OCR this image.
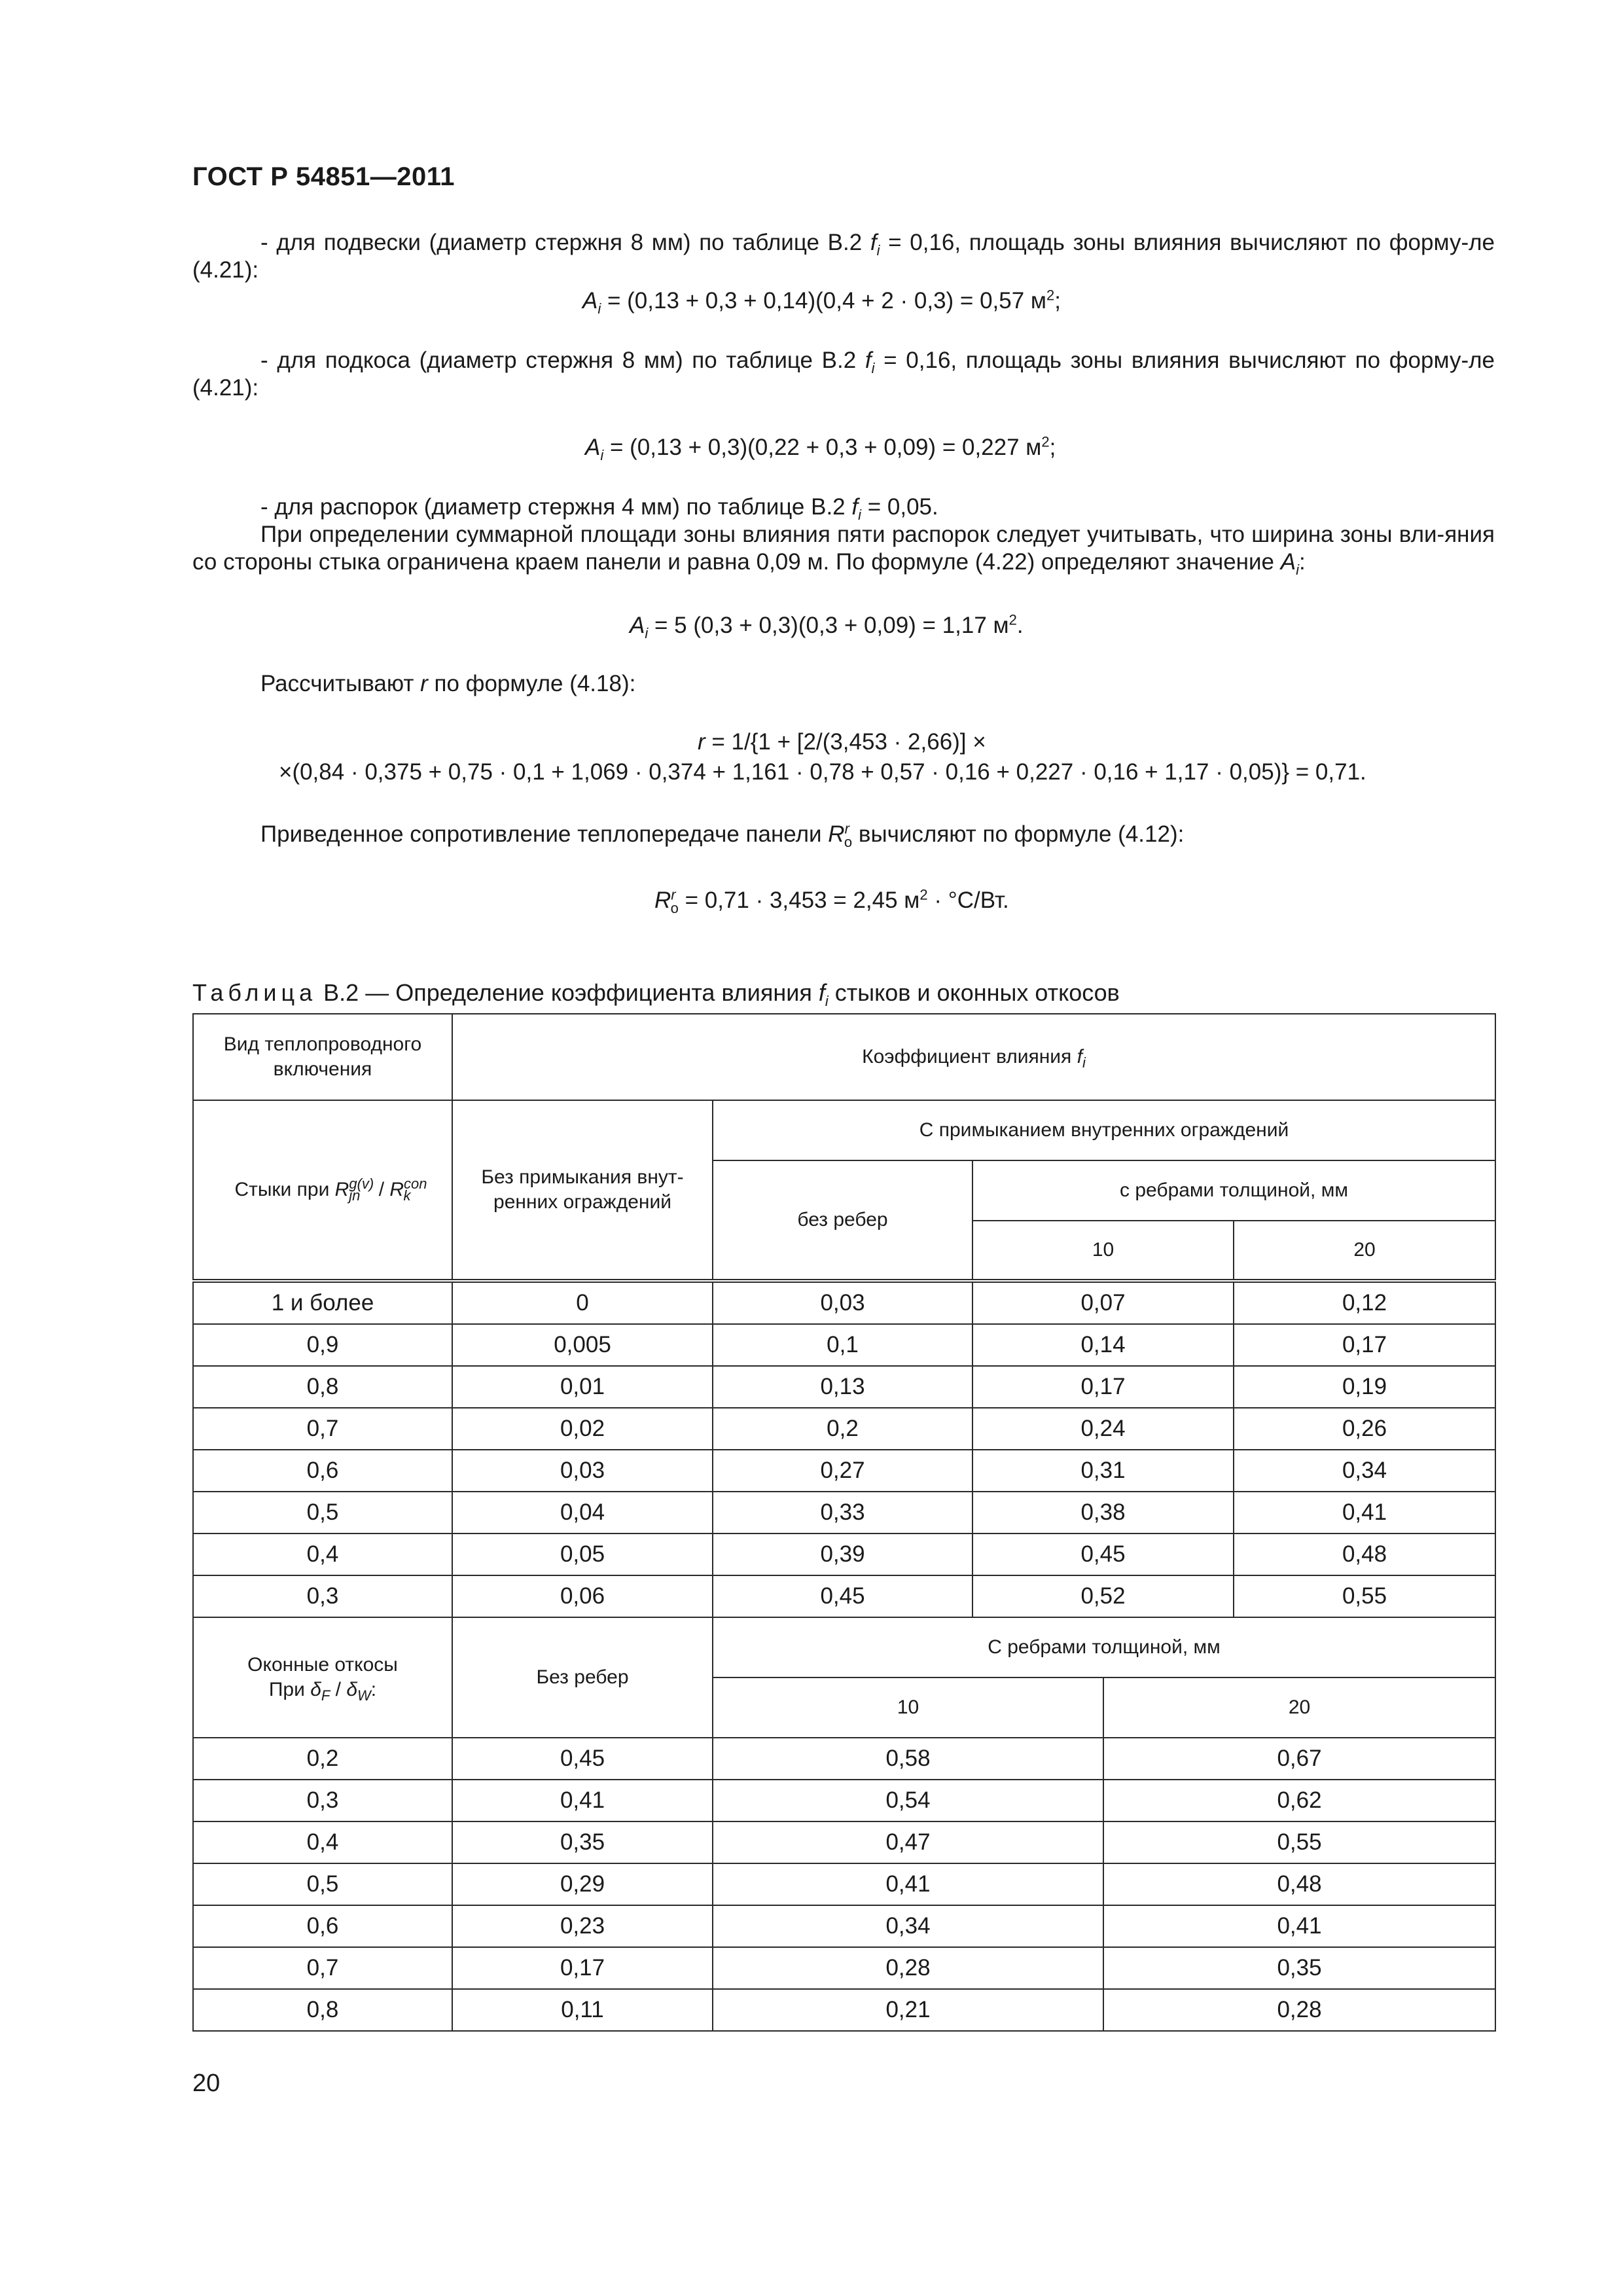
ГОСТ Р 54851—2011
- для подвески (диаметр стержня 8 мм) по таблице В.2 $f_i = 0,16$, площадь зоны влияния вычисляют по форму-ле (4.21):
$A_i = (0,13 + 0,3 + 0,14)(0,4 + 2 \cdot 0,3) = 0,57$ $м^2$;
- для подкоса (диаметр стержня 8 мм) по таблице В.2 $f_i = 0,16$, площадь зоны влияния вычисляют по форму-ле (4.21):
$A_i = (0,13 + 0,3)(0,22 + 0,3 + 0,09) = 0,227$ $м^2$;
- для распорок (диаметр стержня 4 мм) по таблице В.2 $f_i = 0,05$.
При определении суммарной площади зоны влияния пяти распорок следует учитывать, что ширина зоны вли-яния со стороны стыка ограничена краем панели и равна 0,09 м. По формуле (4.22) определяют значение $A_i$:
$A_i = 5$ (0,3 + 0,3)(0,3 + 0,09) = 1,17 $м^2$.
Рассчитывают r по формуле (4.18):
r = 1/{1 + [2/(3,453 · 2,66)] ×
×(0,84 · 0,375 + 0,75 · 0,1 + 1,069 · 0,374 + 1,161 · 0,78 + 0,57 · 0,16 + 0,227 · 0,16 + 1,17 · 0,05)} = 0,71.
Приведенное сопротивление теплопередаче панели $R^r_o$ вычисляют по формуле (4.12):
$R^r_o = 0,71 \cdot 3,453 = 2,45$ $м^2 \cdot ^\circ С/Вт$.
Таблица В.2 — Определение коэффициента влияния $f_i$ стыков и оконных откосов
Вид теплопроводного включения	Коэффициент влияния $f_i$
Стыки при $R^{g(v)}_{jn} / R^{con}_k$	Без примыкания внут-ренних ограждений	С примыканием внутренних ограждений			
		без ребер	с ребрами толщиной, мм		
			10		20
1 и более	0	0,03	0,07		0,12
0,9	0,005	0,1	0,14		0,17
0,8	0,01	0,13	0,17		0,19
0,7	0,02	0,2	0,24		0,26
0,6	0,03	0,27	0,31		0,34
0,5	0,04	0,33	0,38		0,41
0,4	0,05	0,39	0,45		0,48
0,3	0,06	0,45	0,52		0,55
Оконные откосы
При $\delta_F / \delta_W$:	Без ребер	С ребрами толщиной, мм			
		10		20	
0,2	0,45	0,58		0,67	
0,3	0,41	0,54		0,62	
0,4	0,35	0,47		0,55	
0,5	0,29	0,41		0,48	
0,6	0,23	0,34		0,41	
0,7	0,17	0,28		0,35	
0,8	0,11	0,21		0,28	
20
